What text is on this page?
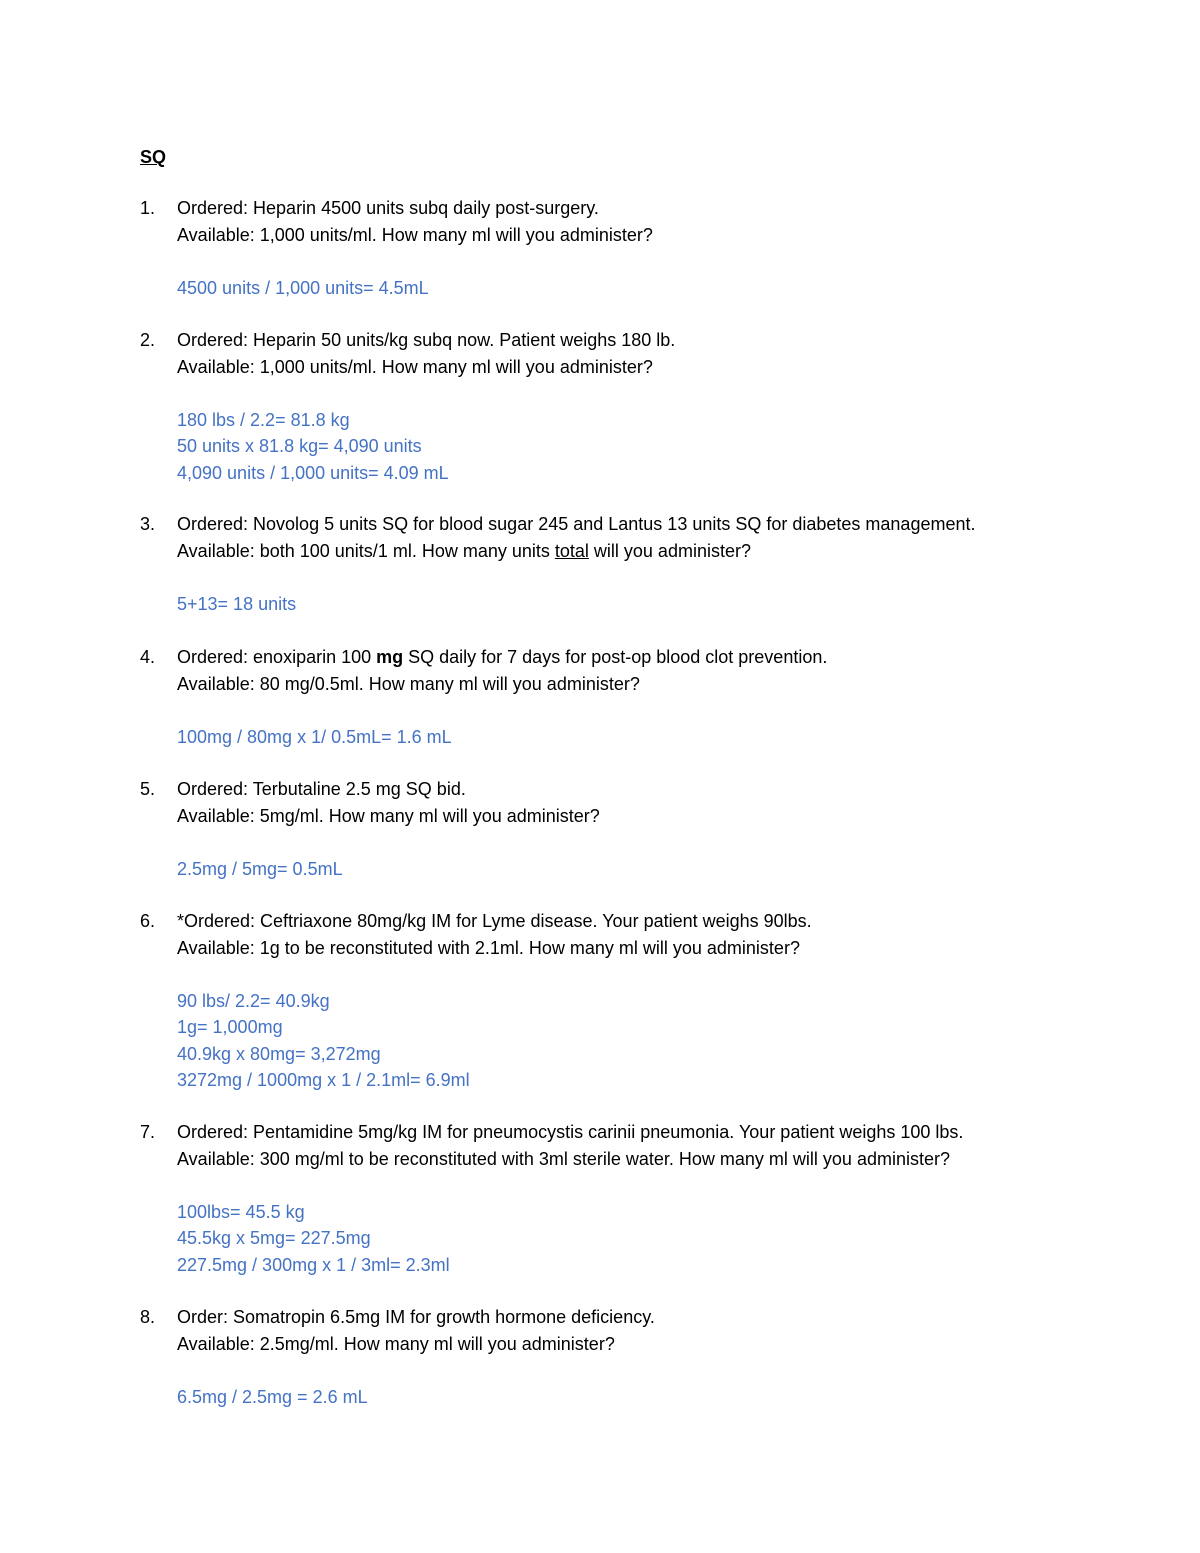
SQ
1.	Ordered: Heparin 4500 units subq daily post-surgery.
Available: 1,000 units/ml. How many ml will you administer?
4500 units / 1,000 units= 4.5mL
2.	Ordered: Heparin 50 units/kg subq now. Patient weighs 180 lb.
Available: 1,000 units/ml. How many ml will you administer?
180 lbs / 2.2= 81.8 kg
50 units x 81.8 kg= 4,090 units
4,090 units / 1,000 units= 4.09 mL
3.	Ordered: Novolog 5 units SQ for blood sugar 245 and Lantus 13 units SQ for diabetes management.
Available: both 100 units/1 ml. How many units total will you administer?
5+13= 18 units
4.	Ordered: enoxiparin 100 mg SQ daily for 7 days for post-op blood clot prevention.
Available: 80 mg/0.5ml. How many ml will you administer?
100mg / 80mg x 1/ 0.5mL= 1.6 mL
5.	Ordered: Terbutaline 2.5 mg SQ bid.
Available: 5mg/ml. How many ml will you administer?
2.5mg / 5mg= 0.5mL
6.	*Ordered: Ceftriaxone 80mg/kg IM for Lyme disease. Your patient weighs 90lbs.
Available: 1g to be reconstituted with 2.1ml. How many ml will you administer?
90 lbs/ 2.2= 40.9kg
1g= 1,000mg
40.9kg x 80mg= 3,272mg
3272mg / 1000mg x 1 / 2.1ml= 6.9ml
7.	Ordered: Pentamidine 5mg/kg IM for pneumocystis carinii pneumonia. Your patient weighs 100 lbs.
Available: 300 mg/ml to be reconstituted with 3ml sterile water. How many ml will you administer?
100lbs= 45.5 kg
45.5kg x 5mg= 227.5mg
227.5mg / 300mg x 1 / 3ml= 2.3ml
8.	Order: Somatropin 6.5mg IM for growth hormone deficiency.
Available: 2.5mg/ml. How many ml will you administer?
6.5mg / 2.5mg = 2.6 mL
